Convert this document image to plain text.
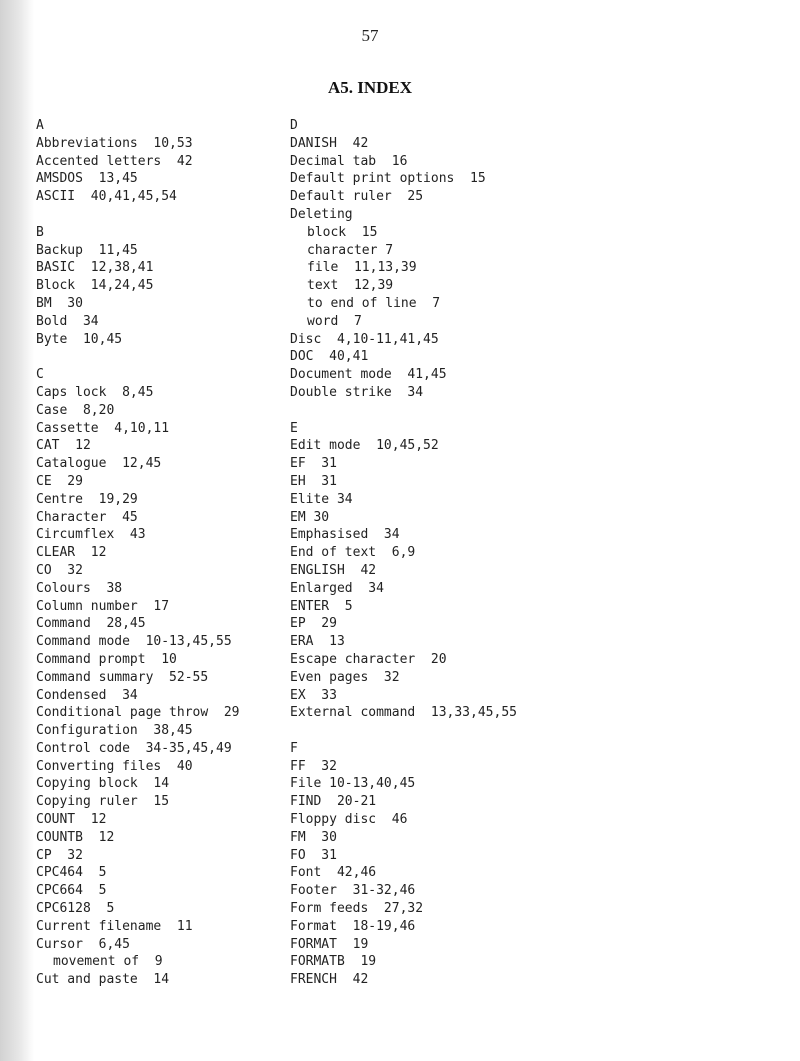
57
A5. INDEX
A
Abbreviations  10,53
Accented letters  42
AMSDOS  13,45
ASCII  40,41,45,54
B
Backup  11,45
BASIC  12,38,41
Block  14,24,45
BM  30
Bold  34
Byte  10,45
C
Caps lock  8,45
Case  8,20
Cassette  4,10,11
CAT  12
Catalogue  12,45
CE  29
Centre  19,29
Character  45
Circumflex  43
CLEAR  12
CO  32
Colours  38
Column number  17
Command  28,45
Command mode  10-13,45,55
Command prompt  10
Command summary  52-55
Condensed  34
Conditional page throw  29
Configuration  38,45
Control code  34-35,45,49
Converting files  40
Copying block  14
Copying ruler  15
COUNT  12
COUNTB  12
CP  32
CPC464  5
CPC664  5
CPC6128  5
Current filename  11
Cursor  6,45
movement of  9
Cut and paste  14
D
DANISH  42
Decimal tab  16
Default print options  15
Default ruler  25
Deleting
block  15
character 7
file  11,13,39
text  12,39
to end of line  7
word  7
Disc  4,10-11,41,45
DOC  40,41
Document mode  41,45
Double strike  34
E
Edit mode  10,45,52
EF  31
EH  31
Elite 34
EM 30
Emphasised  34
End of text  6,9
ENGLISH  42
Enlarged  34
ENTER  5
EP  29
ERA  13
Escape character  20
Even pages  32
EX  33
External command  13,33,45,55
F
FF  32
File 10-13,40,45
FIND  20-21
Floppy disc  46
FM  30
FO  31
Font  42,46
Footer  31-32,46
Form feeds  27,32
Format  18-19,46
FORMAT  19
FORMATB  19
FRENCH  42
